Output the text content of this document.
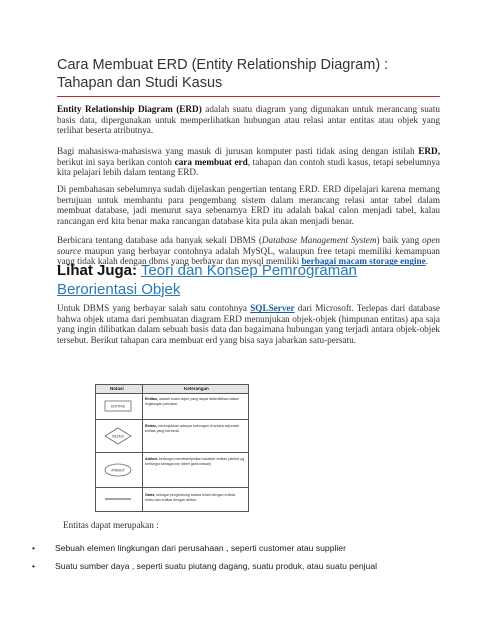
Cara Membuat ERD (Entity Relationship Diagram) : Tahapan dan Studi Kasus
Entity Relationship Diagram (ERD) adalah suatu diagram yang digunakan untuk merancang suatu basis data, dipergunakan untuk memperlihatkan hubungan atau relasi antar entitas atau objek yang terlihat beserta atributnya.
Bagi mahasiswa-mahasiswa yang masuk di jurusan komputer pasti tidak asing dengan istilah ERD, berikut ini saya berikan contoh cara membuat erd, tahapan dan contoh studi kasus, tetapi sebelumnya kita pelajari lebih dalam tentang ERD.
Di pembahasan sebelumnya sudah dijelaskan pengertian tentang ERD. ERD dipelajari karena memang bertujuan untuk membantu para pengembang sistem dalam merancang relasi antar tabel dalam membuat database, jadi menurut saya sebenarnya ERD itu adalah bakal calon menjadi tabel, kalau rancangan erd kita benar maka rancangan database kita pula akan menjadi benar.
Berbicara tentang database ada banyak sekali DBMS (Database Management System) baik yang open source maupun yang berbayar contohnya adalah MySQL, walaupun free tetapi memiliki kemampuan yang tidak kalah dengan dbms yang berbayar dan mysql memiliki berbagai macam storage engine.
Lihat Juga: Teori dan Konsep Pemrograman Berorientasi Objek
Untuk DBMS yang berbayar salah satu contohnya SQLServer dari Microsoft. Terlepas dari database bahwa objek utama dari pembuatan diagram ERD menunjukan objek-objek (himpunan entitas) apa saja yang ingin dilibatkan dalam sebuah basis data dan bagaimana hubungan yang terjadi antara objek-objek tersebut. Berikut tahapan cara membuat erd yang bisa saya jabarkan satu-persatu.
Notasi	Keterangan
ENTITAS
Entitas, adalah suatu objek yang dapat diidentifikasi dalam lingkungan pemakai.
RELASI
Relasi, menunjukkan adanya hubungan di antara sejumlah entitas yang berbeda.
ATRIBUT
Atribut, berfungsi mendeskripsikan karakter entitas (atribut yg berfungsi sebagai key diberi garis bawah)
Garis, sebagai penghubung antara relasi dengan entitas, relasi dan entitas dengan atribut.
Entitas dapat merupakan :
• Sebuah elemen lingkungan dari perusahaan , seperti customer atau supplier
• Suatu sumber daya , seperti suatu piutang dagang, suatu produk, atau suatu penjual
